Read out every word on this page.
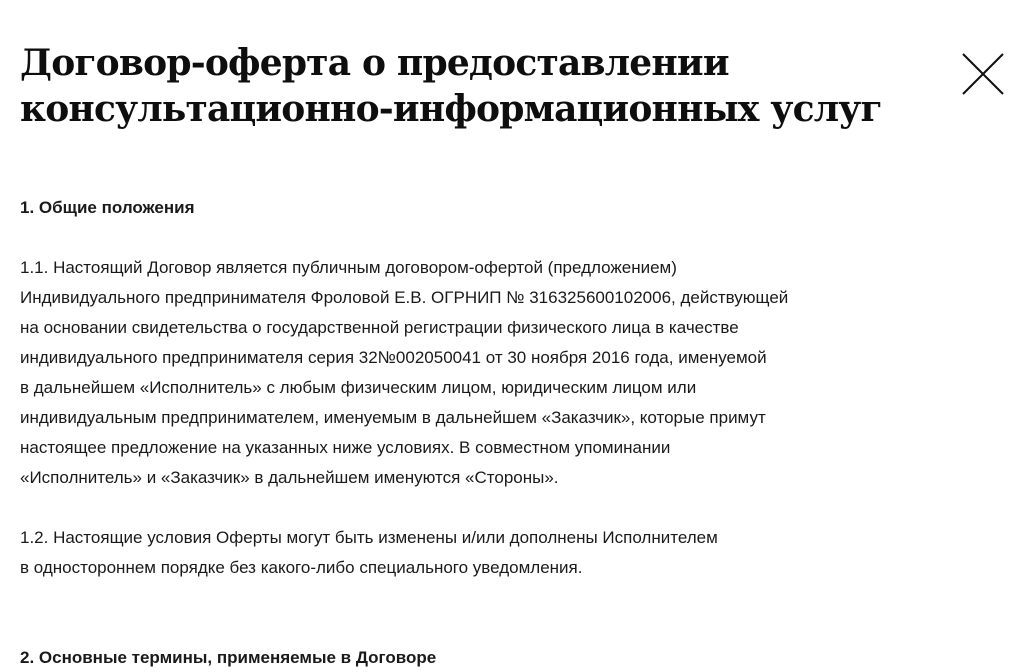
Договор-оферта о предоставлении
консультационно-информационных услуг
1. Общие положения

1.1. Настоящий Договор является публичным договором-офертой (предложением)
Индивидуального предпринимателя Фроловой Е.В. ОГРНИП № 316325600102006, действующей
на основании свидетельства о государственной регистрации физического лица в качестве
индивидуального предпринимателя серия 32№002050041 от 30 ноября 2016 года, именуемой
в дальнейшем «Исполнитель» с любым физическим лицом, юридическим лицом или
индивидуальным предпринимателем, именуемым в дальнейшем «Заказчик», которые примут
настоящее предложение на указанных ниже условиях. В совместном упоминании
«Исполнитель» и «Заказчик» в дальнейшем именуются «Стороны».

1.2. Настоящие условия Оферты могут быть изменены и/или дополнены Исполнителем
в одностороннем порядке без какого-либо специального уведомления.

2. Основные термины, применяемые в Договоре
